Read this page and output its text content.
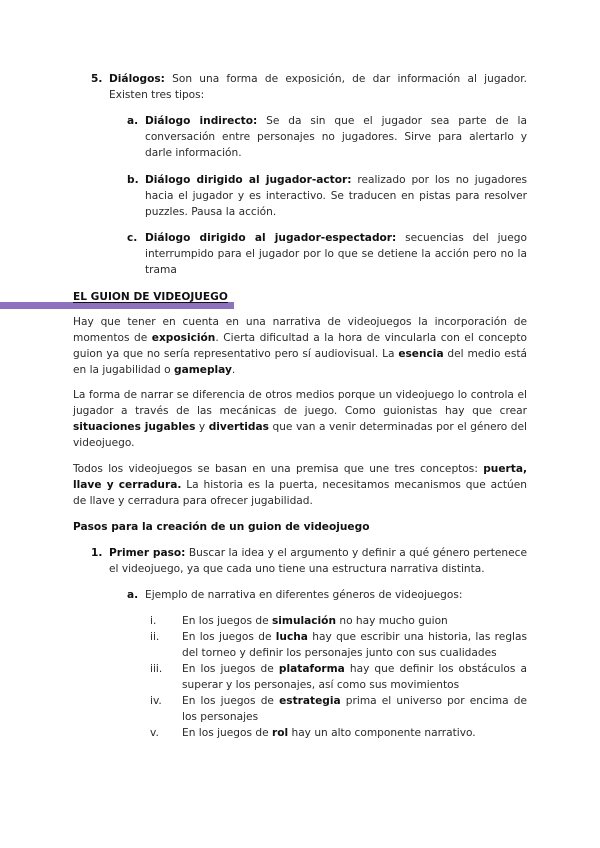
5. Diálogos: Son una forma de exposición, de dar información al jugador. Existen tres tipos:
a. Diálogo indirecto: Se da sin que el jugador sea parte de la conversación entre personajes no jugadores. Sirve para alertarlo y darle información.
b. Diálogo dirigido al jugador-actor: realizado por los no jugadores hacia el jugador y es interactivo. Se traducen en pistas para resolver puzzles. Pausa la acción.
c. Diálogo dirigido al jugador-espectador: secuencias del juego interrumpido para el jugador por lo que se detiene la acción pero no la trama
EL GUION DE VIDEOJUEGO
Hay que tener en cuenta en una narrativa de videojuegos la incorporación de momentos de exposición. Cierta dificultad a la hora de vincularla con el concepto guion ya que no sería representativo pero sí audiovisual. La esencia del medio está en la jugabilidad o gameplay.
La forma de narrar se diferencia de otros medios porque un videojuego lo controla el jugador a través de las mecánicas de juego. Como guionistas hay que crear situaciones jugables y divertidas que van a venir determinadas por el género del videojuego.
Todos los videojuegos se basan en una premisa que une tres conceptos: puerta, llave y cerradura. La historia es la puerta, necesitamos mecanismos que actúen de llave y cerradura para ofrecer jugabilidad.
Pasos para la creación de un guion de videojuego
1. Primer paso: Buscar la idea y el argumento y definir a qué género pertenece el videojuego, ya que cada uno tiene una estructura narrativa distinta.
a. Ejemplo de narrativa en diferentes géneros de videojuegos:
i.	En los juegos de simulación no hay mucho guion
ii.	En los juegos de lucha hay que escribir una historia, las reglas del torneo y definir los personajes junto con sus cualidades
iii.	En los juegos de plataforma hay que definir los obstáculos a superar y los personajes, así como sus movimientos
iv.	En los juegos de estrategia prima el universo por encima de los personajes
v.	En los juegos de rol hay un alto componente narrativo.
